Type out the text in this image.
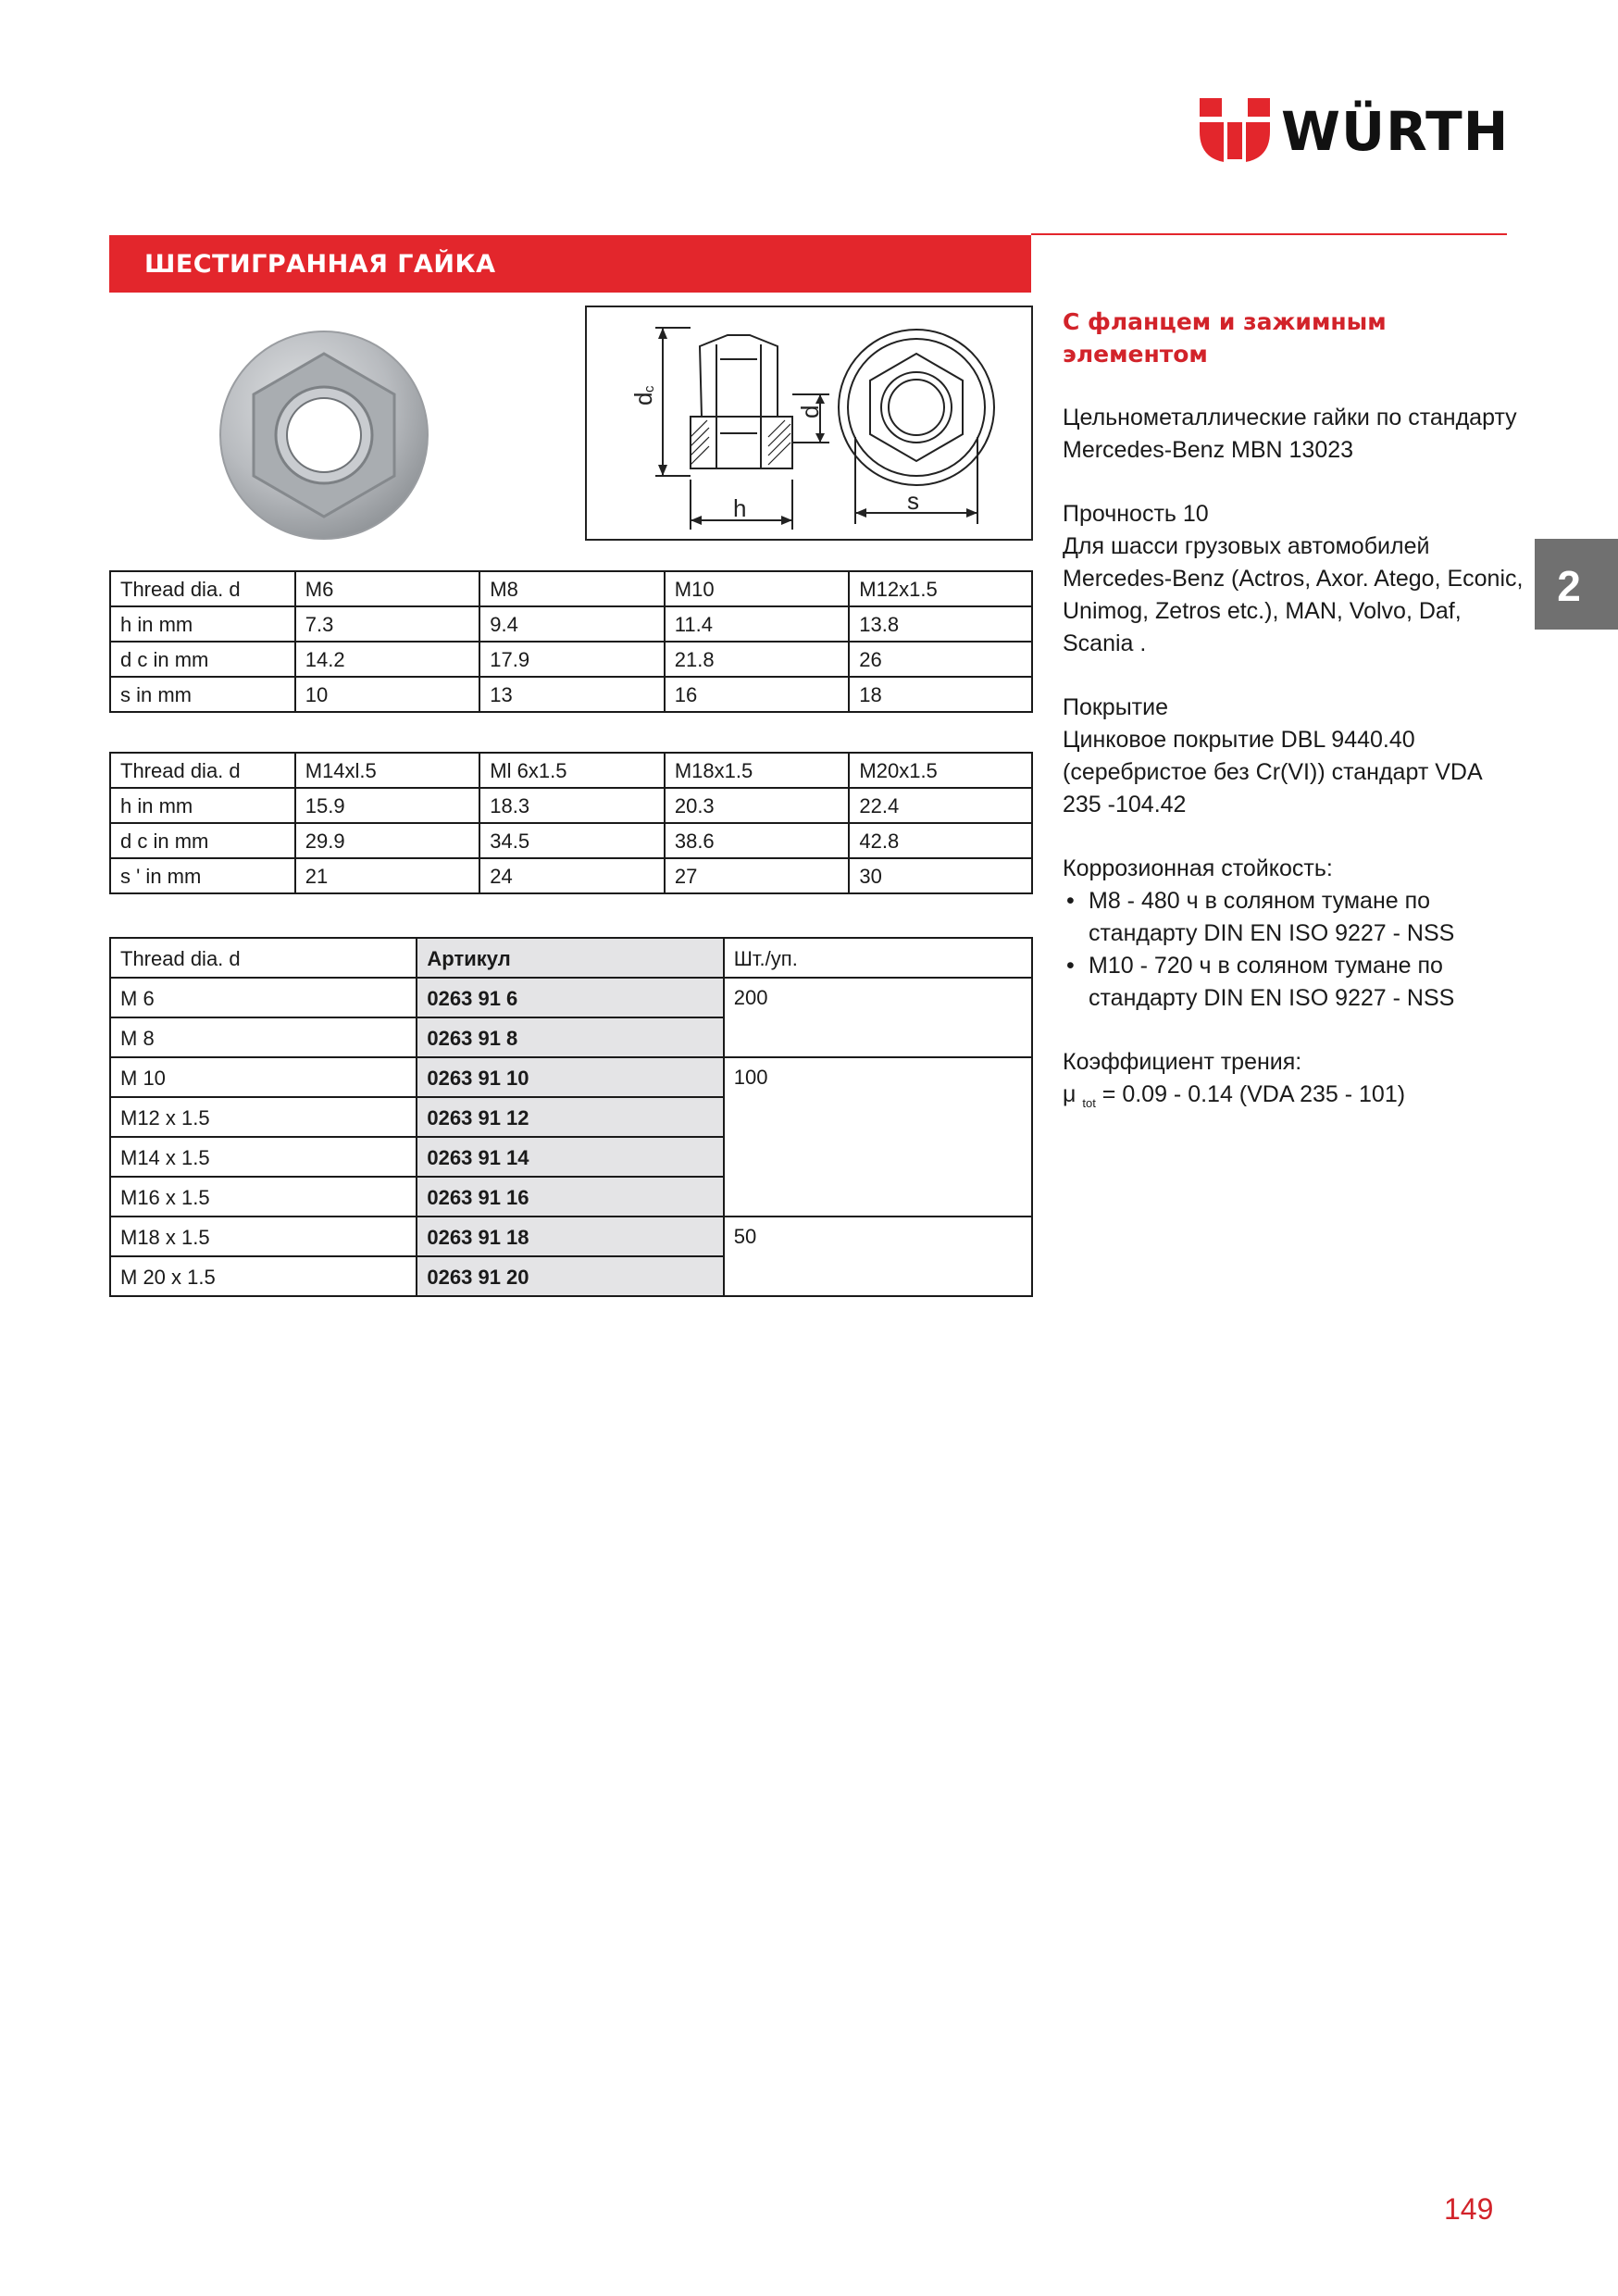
WÜRTH
ШЕСТИГРАННАЯ ГАЙКА
d
c
d
h	s
Thread dia. d	M6	M8	M10	M12x1.5
h in mm	7.3	9.4	11.4	13.8
d c in mm	14.2	17.9	21.8	26
s in mm	10	13	16	18
Thread dia. d	M14xl.5	Ml 6x1.5	M18x1.5	M20x1.5
h in mm	15.9	18.3	20.3	22.4
d c in mm	29.9	34.5	38.6	42.8
s ' in mm	21	24	27	30
Thread dia. d	Артикул	Шт./уп.
M 6	0263 91 6	200
M 8	0263 91 8	
M 10	0263 91 10	100
M12 x 1.5	0263 91 12	
M14 x 1.5	0263 91 14	
M16 x 1.5	0263 91 16	
M18 x 1.5	0263 91 18	50
M 20 x 1.5	0263 91 20	

С фланцем и зажимным элементом

Цельнометаллические гайки по стандарту Mercedes-Benz MBN 13023

Прочность 10
Для шасси грузовых автомобилей Mercedes-Benz (Actros, Axor. Atego, Econic, Unimog, Zetros etc.), MAN, Volvo, Daf, Scania .

Покрытие
Цинковое покрытие DBL 9440.40 (серебристое без Cr(VI)) стандарт VDA 235 -104.42

Коррозионная стойкость:
• M8 - 480 ч в соляном тумане по стандарту DIN EN ISO 9227 - NSS
• M10 - 720 ч в соляном тумане по стандарту DIN EN ISO 9227 - NSS

Коэффициент трения:
μ $_{tot}$ = 0.09 - 0.14 (VDA 235 - 101)

2
149
